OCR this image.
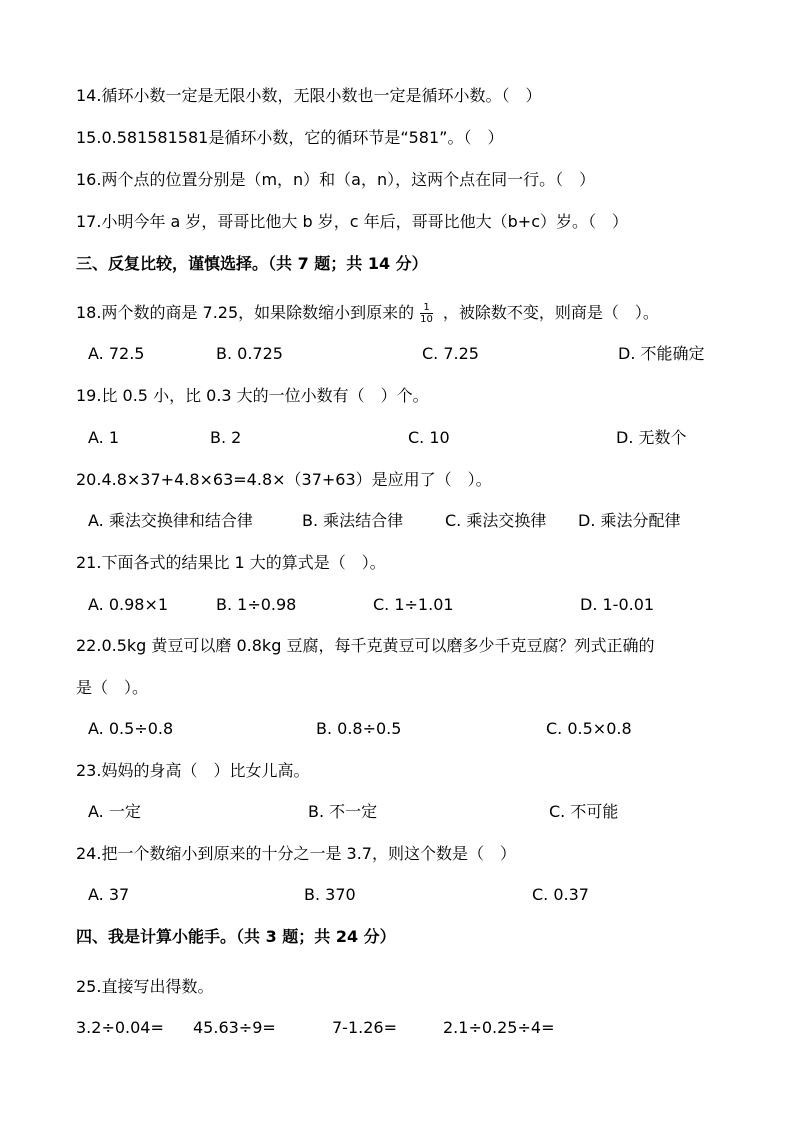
14.循环小数一定是无限小数，无限小数也一定是循环小数。（　）
15.0.581581581是循环小数，它的循环节是“581”。（　）
16.两个点的位置分别是（m，n）和（a，n），这两个点在同一行。（　）
17.小明今年 a 岁，哥哥比他大 b 岁，c 年后，哥哥比他大（b+c）岁。（　）
三、反复比较，谨慎选择。（共 7 题；共 14 分）
18.两个数的商是 7.25，如果除数缩小到原来的 $\frac{1}{10}$ ，被除数不变，则商是（　）。
A. 72.5	B. 0.725	C. 7.25	D. 不能确定
19.比 0.5 小，比 0.3 大的一位小数有（　）个。
A. 1	B. 2	C. 10	D. 无数个
20.4.8×37+4.8×63=4.8×（37+63）是应用了（　）。
A. 乘法交换律和结合律	B. 乘法结合律	C. 乘法交换律 D. 乘法分配律
21.下面各式的结果比 1 大的算式是（　）。
A. 0.98×1	B. 1÷0.98	C. 1÷1.01	D. 1-0.01
22.0.5kg 黄豆可以磨 0.8kg 豆腐，每千克黄豆可以磨多少千克豆腐？列式正确的
是（　）。
A. 0.5÷0.8	B. 0.8÷0.5	C. 0.5×0.8
23.妈妈的身高（　）比女儿高。
A. 一定	B. 不一定	C. 不可能
24.把一个数缩小到原来的十分之一是 3.7，则这个数是（　）
A. 37	B. 370	C. 0.37
四、我是计算小能手。（共 3 题；共 24 分）
25.直接写出得数。
3.2÷0.04= 45.63÷9=	7-1.26=	2.1÷0.25÷4=
